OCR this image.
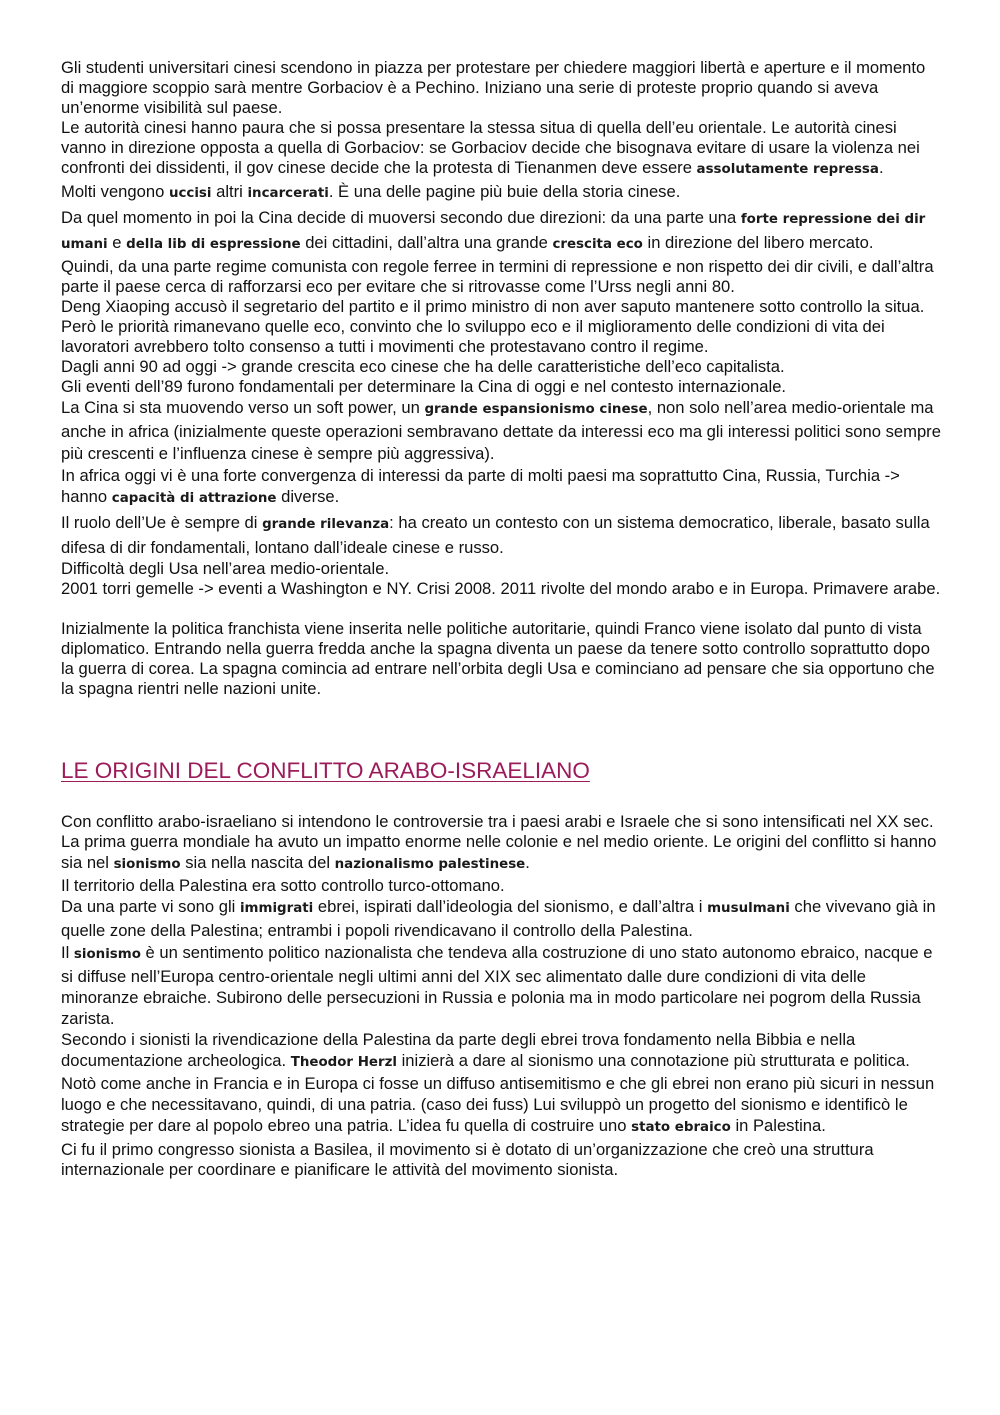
Gli studenti universitari cinesi scendono in piazza per protestare per chiedere maggiori libertà e aperture e il momento di maggiore scoppio sarà mentre Gorbaciov è a Pechino. Iniziano una serie di proteste proprio quando si aveva un’enorme visibilità sul paese.

Le autorità cinesi hanno paura che si possa presentare la stessa situa di quella dell’eu orientale. Le autorità cinesi vanno in direzione opposta a quella di Gorbaciov: se Gorbaciov decide che bisognava evitare di usare la violenza nei confronti dei dissidenti, il gov cinese decide che la protesta di Tienanmen deve essere assolutamente repressa.

Molti vengono uccisi altri incarcerati. È una delle pagine più buie della storia cinese.

Da quel momento in poi la Cina decide di muoversi secondo due direzioni: da una parte una forte repressione dei dir umani e della lib di espressione dei cittadini, dall’altra una grande crescita eco in direzione del libero mercato.

Quindi, da una parte regime comunista con regole ferree in termini di repressione e non rispetto dei dir civili, e dall’altra parte il paese cerca di rafforzarsi eco per evitare che si ritrovasse come l’Urss negli anni 80.

Deng Xiaoping accusò il segretario del partito e il primo ministro di non aver saputo mantenere sotto controllo la situa. Però le priorità rimanevano quelle eco, convinto che lo sviluppo eco e il miglioramento delle condizioni di vita dei lavoratori avrebbero tolto consenso a tutti i movimenti che protestavano contro il regime.

Dagli anni 90 ad oggi -> grande crescita eco cinese che ha delle caratteristiche dell’eco capitalista.

Gli eventi dell’89 furono fondamentali per determinare la Cina di oggi e nel contesto internazionale.

La Cina si sta muovendo verso un soft power, un grande espansionismo cinese, non solo nell’area medio-orientale ma anche in africa (inizialmente queste operazioni sembravano dettate da interessi eco ma gli interessi politici sono sempre più crescenti e l’influenza cinese è sempre più aggressiva).

In africa oggi vi è una forte convergenza di interessi da parte di molti paesi ma soprattutto Cina, Russia, Turchia -> hanno capacità di attrazione diverse.

Il ruolo dell’Ue è sempre di grande rilevanza: ha creato un contesto con un sistema democratico, liberale, basato sulla difesa di dir fondamentali, lontano dall’ideale cinese e russo.

Difficoltà degli Usa nell’area medio-orientale.

2001 torri gemelle -> eventi a Washington e NY. Crisi 2008. 2011 rivolte del mondo arabo e in Europa. Primavere arabe.

Inizialmente la politica franchista viene inserita nelle politiche autoritarie, quindi Franco viene isolato dal punto di vista diplomatico. Entrando nella guerra fredda anche la spagna diventa un paese da tenere sotto controllo soprattutto dopo la guerra di corea. La spagna comincia ad entrare nell’orbita degli Usa e cominciano ad pensare che sia opportuno che la spagna rientri nelle nazioni unite.

LE ORIGINI DEL CONFLITTO ARABO-ISRAELIANO

Con conflitto arabo-israeliano si intendono le controversie tra i paesi arabi e Israele che si sono intensificati nel XX sec.

La prima guerra mondiale ha avuto un impatto enorme nelle colonie e nel medio oriente. Le origini del conflitto si hanno sia nel sionismo sia nella nascita del nazionalismo palestinese.

Il territorio della Palestina era sotto controllo turco-ottomano.

Da una parte vi sono gli immigrati ebrei, ispirati dall’ideologia del sionismo, e dall’altra i musulmani che vivevano già in quelle zone della Palestina; entrambi i popoli rivendicavano il controllo della Palestina.

Il sionismo è un sentimento politico nazionalista che tendeva alla costruzione di uno stato autonomo ebraico, nacque e si diffuse nell’Europa centro-orientale negli ultimi anni del XIX sec alimentato dalle dure condizioni di vita delle minoranze ebraiche. Subirono delle persecuzioni in Russia e polonia ma in modo particolare nei pogrom della Russia zarista.

Secondo i sionisti la rivendicazione della Palestina da parte degli ebrei trova fondamento nella Bibbia e nella documentazione archeologica. Theodor Herzl inizierà a dare al sionismo una connotazione più strutturata e politica. Notò come anche in Francia e in Europa ci fosse un diffuso antisemitismo e che gli ebrei non erano più sicuri in nessun luogo e che necessitavano, quindi, di una patria. (caso dei fuss) Lui sviluppò un progetto del sionismo e identificò le strategie per dare al popolo ebreo una patria. L’idea fu quella di costruire uno stato ebraico in Palestina.

Ci fu il primo congresso sionista a Basilea, il movimento si è dotato di un’organizzazione che creò una struttura internazionale per coordinare e pianificare le attività del movimento sionista.
